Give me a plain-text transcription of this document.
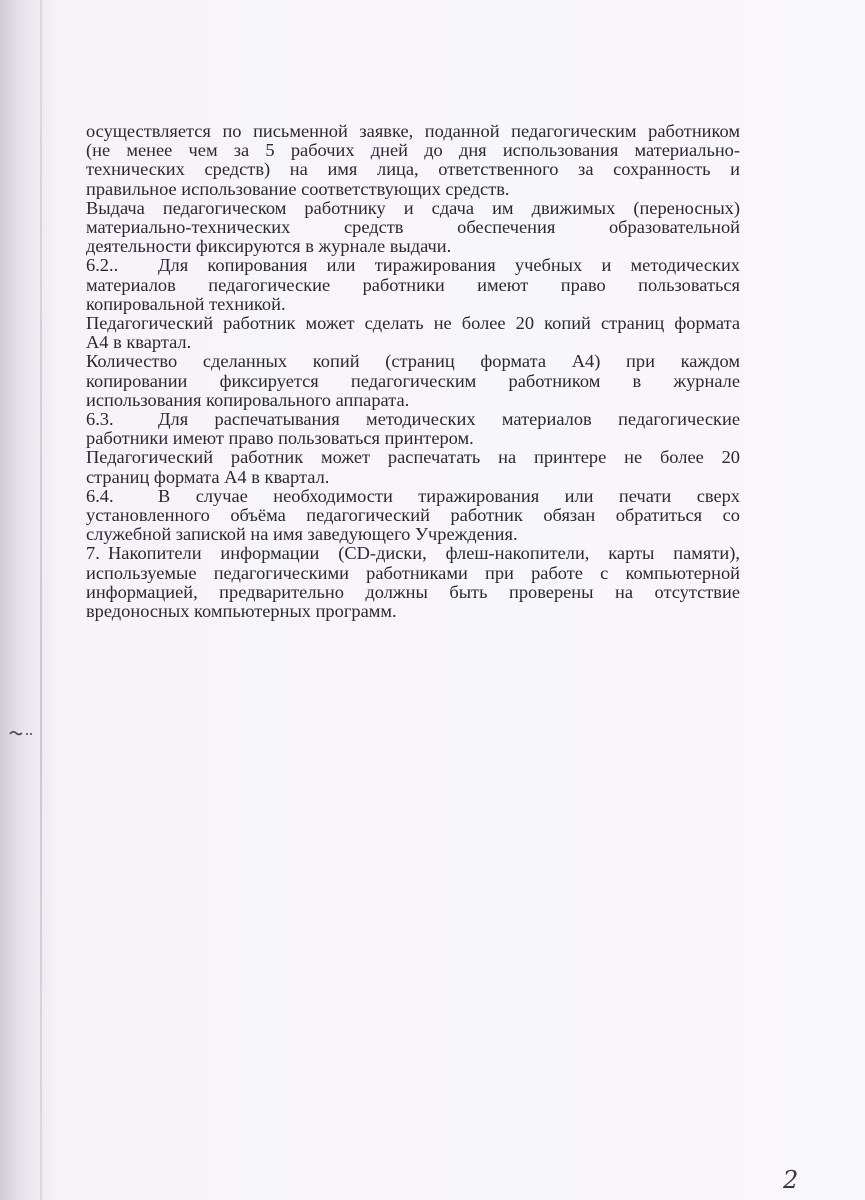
осуществляется по письменной заявке, поданной педагогическим работником
(не менее чем за 5 рабочих дней до дня использования материально-
технических средств) на имя лица, ответственного за сохранность и
правильное использование соответствующих средств.
Выдача педагогическом работнику и сдача им движимых (переносных)
материально-технических средств обеспечения образовательной
деятельности фиксируются в журнале выдачи.
6.2..	Для копирования или тиражирования учебных и методических
материалов педагогические работники имеют право пользоваться
копировальной техникой.
Педагогический работник может сделать не более 20 копий страниц формата
А4 в квартал.
Количество сделанных копий (страниц формата А4) при каждом
копировании фиксируется педагогическим работником в журнале
использования копировального аппарата.
6.3.	Для распечатывания методических материалов педагогические
работники имеют право пользоваться принтером.
Педагогический работник может распечатать на принтере не более 20
страниц формата А4 в квартал.
6.4.	В случае необходимости тиражирования или печати сверх
установленного объёма педагогический работник обязан обратиться со
служебной запиской на имя заведующего Учреждения.
7. Накопители информации (CD-диски, флеш-накопители, карты памяти),
используемые педагогическими работниками при работе с компьютерной
информацией, предварительно должны быть проверены на отсутствие
вредоносных компьютерных программ.
2
